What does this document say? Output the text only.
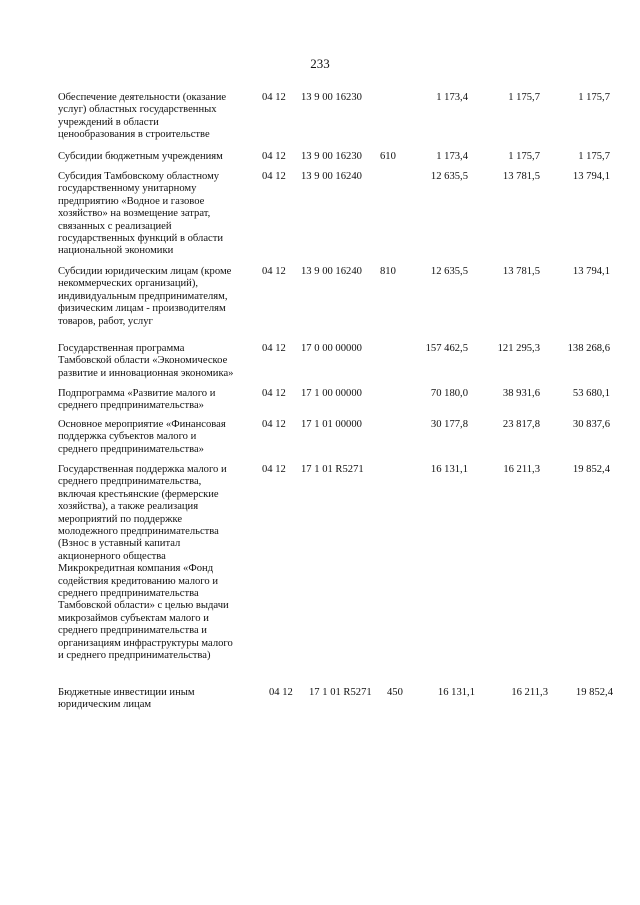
233
Обеспечение деятельности (оказание
услуг) областных государственных
учреждений в области
ценообразования в строительстве
04 12 13 9 00 16230	1 173,4	1 175,7	1 175,7
Субсидии бюджетным учреждениям	04 12 13 9 00 16230 610	1 173,4	1 175,7	1 175,7
Субсидия Тамбовскому областному
государственному унитарному
предприятию «Водное и газовое
хозяйство» на возмещение затрат,
связанных с реализацией
государственных функций в области
национальной экономики
04 12 13 9 00 16240	12 635,5	13 781,5	13 794,1
Субсидии юридическим лицам (кроме
некоммерческих организаций),
индивидуальным предпринимателям,
физическим лицам - производителям
товаров, работ, услуг
04 12 13 9 00 16240 810	12 635,5	13 781,5	13 794,1
Государственная программа
Тамбовской области «Экономическое
развитие и инновационная экономика»
04 12 17 0 00 00000	157 462,5	121 295,3	138 268,6
Подпрограмма «Развитие малого и
среднего предпринимательства»
04 12 17 1 00 00000	70 180,0	38 931,6	53 680,1
Основное мероприятие «Финансовая
поддержка субъектов малого и
среднего предпринимательства»
04 12 17 1 01 00000	30 177,8	23 817,8	30 837,6
Государственная поддержка малого и
среднего предпринимательства,
включая крестьянские (фермерские
хозяйства), а также реализация
мероприятий по поддержке
молодежного предпринимательства
(Взнос в уставный капитал
акционерного общества
Микрокредитная компания «Фонд
содействия кредитованию малого и
среднего предпринимательства
Тамбовской области» с целью выдачи
микрозаймов субъектам малого и
среднего предпринимательства и
организациям инфраструктуры малого
и среднего предпринимательства)
04 12 17 1 01 R5271	16 131,1	16 211,3	19 852,4
Бюджетные инвестиции иным
юридическим лицам
04 12 17 1 01 R5271 450	16 131,1	16 211,3	19 852,4
